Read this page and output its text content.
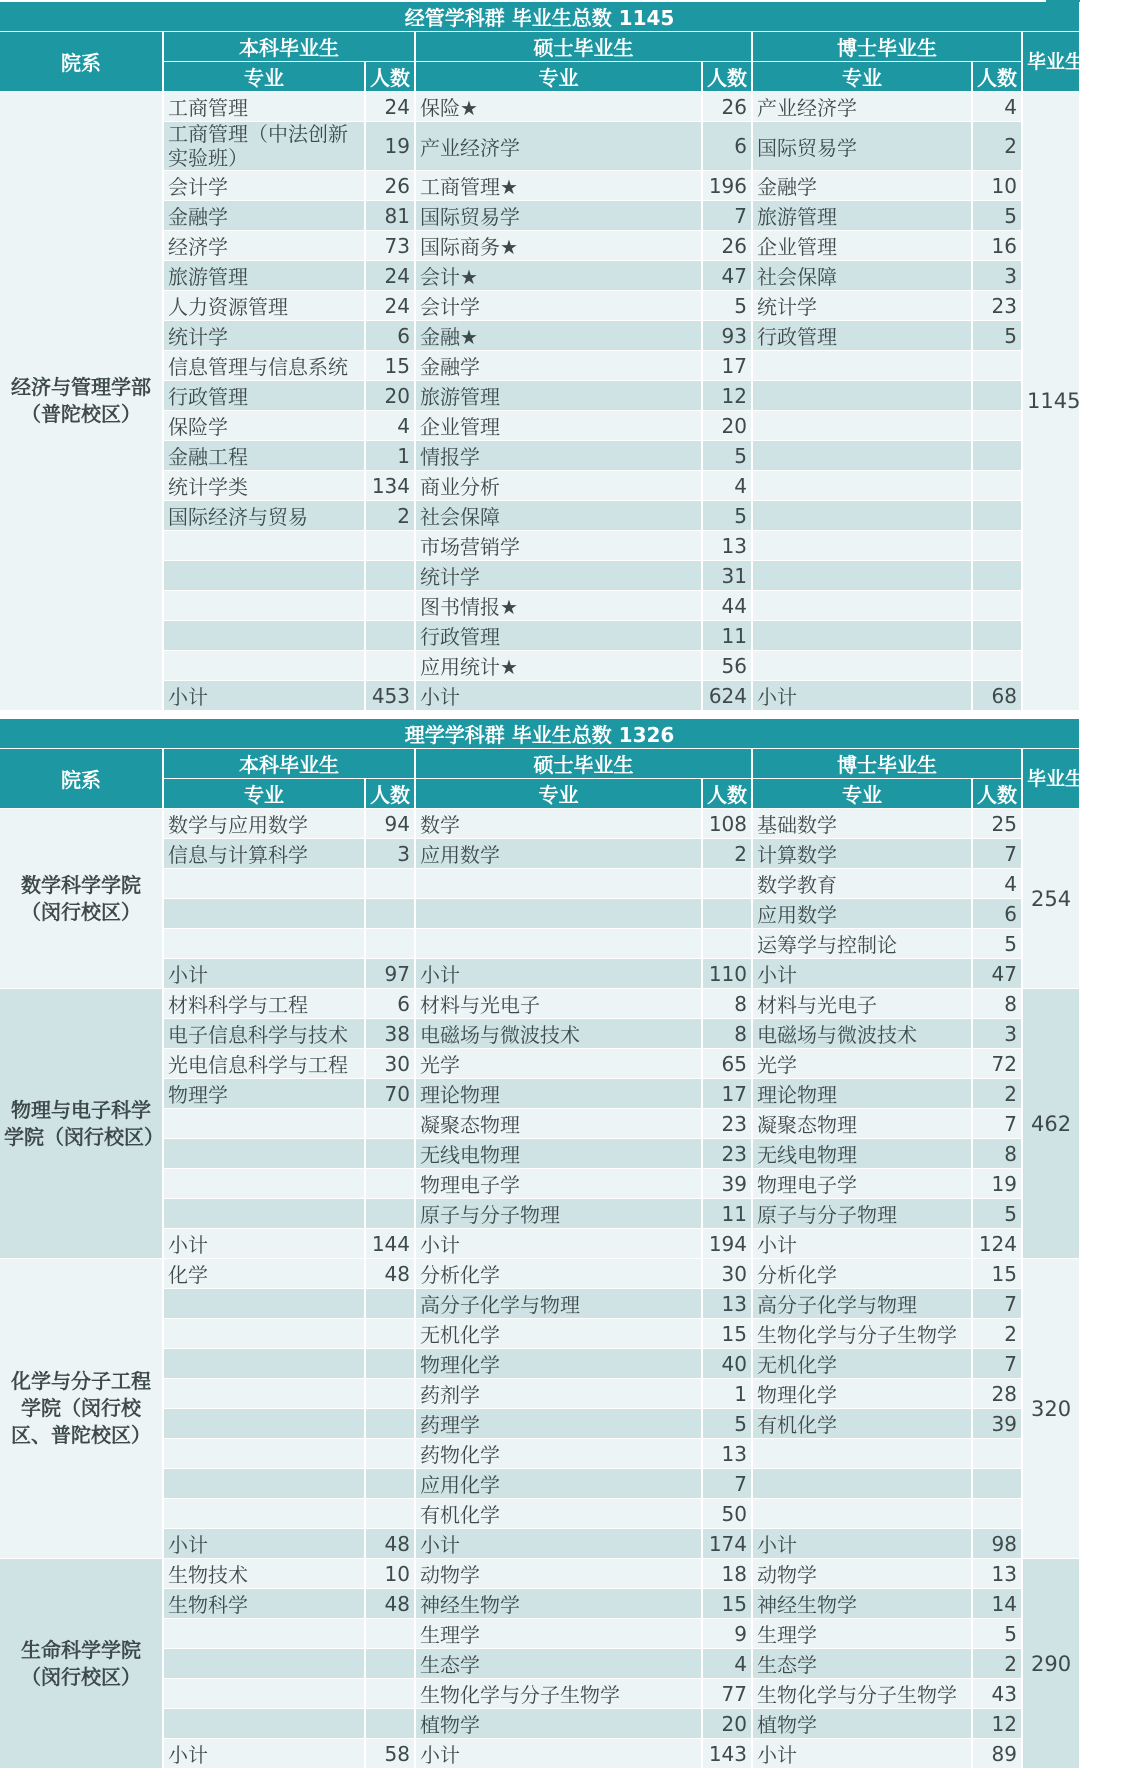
经管学科群 毕业生总数 1145							
院系	本科毕业生		硕士毕业生		博士毕业生		毕业生总数
	专业	人数	专业	人数	专业	人数	
经济与管理学部（普陀校区）	工商管理	24	保险★	26	产业经济学	4	1145
	工商管理（中法创新实验班）	19	产业经济学	6	国际贸易学	2	
	会计学	26	工商管理★	196	金融学	10	
	金融学	81	国际贸易学	7	旅游管理	5	
	经济学	73	国际商务★	26	企业管理	16	
	旅游管理	24	会计★	47	社会保障	3	
	人力资源管理	24	会计学	5	统计学	23	
	统计学	6	金融★	93	行政管理	5	
	信息管理与信息系统	15	金融学	17			
	行政管理	20	旅游管理	12			
	保险学	4	企业管理	20			
	金融工程	1	情报学	5			
	统计学类	134	商业分析	4			
	国际经济与贸易	2	社会保障	5			
			市场营销学	13			
			统计学	31			
			图书情报★	44			
			行政管理	11			
			应用统计★	56			
	小计	453	小计	624	小计	68	
理学学科群 毕业生总数 1326							
院系	本科毕业生		硕士毕业生		博士毕业生		毕业生总数
	专业	人数	专业	人数	专业	人数	
数学科学学院（闵行校区）	数学与应用数学	94	数学	108	基础数学	25	254
	信息与计算科学	3	应用数学	2	计算数学	7	
					数学教育	4	
					应用数学	6	
					运筹学与控制论	5	
	小计	97	小计	110	小计	47	
物理与电子科学学院（闵行校区）	材料科学与工程	6	材料与光电子	8	材料与光电子	8	462
	电子信息科学与技术	38	电磁场与微波技术	8	电磁场与微波技术	3	
	光电信息科学与工程	30	光学	65	光学	72	
	物理学	70	理论物理	17	理论物理	2	
			凝聚态物理	23	凝聚态物理	7	
			无线电物理	23	无线电物理	8	
			物理电子学	39	物理电子学	19	
			原子与分子物理	11	原子与分子物理	5	
	小计	144	小计	194	小计	124	
化学与分子工程学院（闵行校区、普陀校区）	化学	48	分析化学	30	分析化学	15	320
			高分子化学与物理	13	高分子化学与物理	7	
			无机化学	15	生物化学与分子生物学	2	
			物理化学	40	无机化学	7	
			药剂学	1	物理化学	28	
			药理学	5	有机化学	39	
			药物化学	13			
			应用化学	7			
			有机化学	50			
	小计	48	小计	174	小计	98	
生命科学学院（闵行校区）	生物技术	10	动物学	18	动物学	13	290
	生物科学	48	神经生物学	15	神经生物学	14	
			生理学	9	生理学	5	
			生态学	4	生态学	2	
			生物化学与分子生物学	77	生物化学与分子生物学	43	
			植物学	20	植物学	12	
	小计	58	小计	143	小计	89	
